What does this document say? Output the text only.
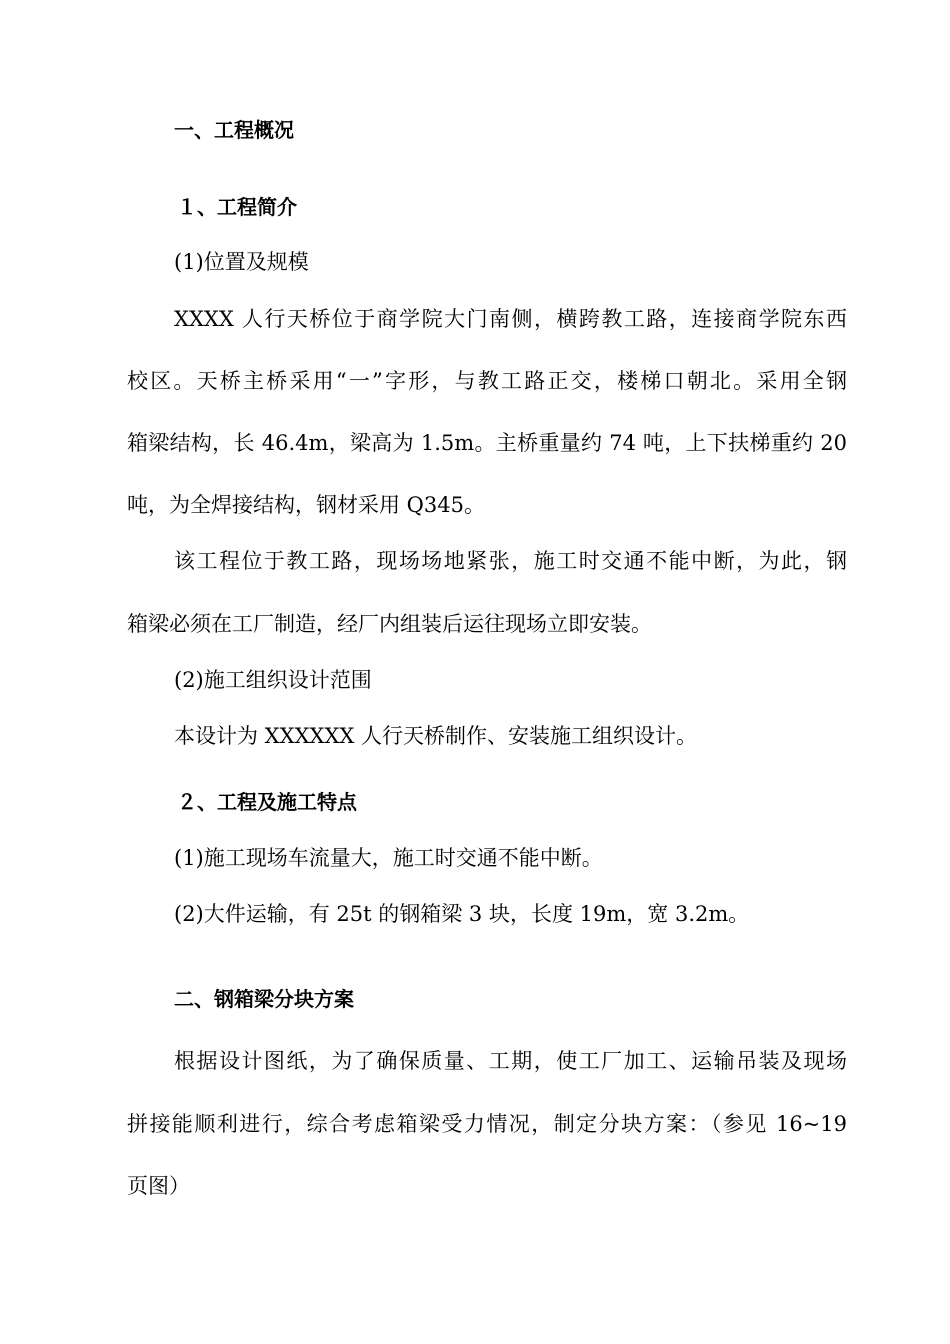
一、工程概况
１、工程简介
(1)位置及规模
XXXX 人行天桥位于商学院大门南侧，横跨教工路，连接商学院东西
校区。天桥主桥采用“一”字形，与教工路正交，楼梯口朝北。采用全钢
箱梁结构，长 46.4m，梁高为 1.5m。主桥重量约 74 吨，上下扶梯重约 20
吨，为全焊接结构，钢材采用 Q345。
该工程位于教工路，现场场地紧张，施工时交通不能中断，为此，钢
箱梁必须在工厂制造，经厂内组装后运往现场立即安装。
(2)施工组织设计范围
本设计为 XXXXXX 人行天桥制作、安装施工组织设计。
２、工程及施工特点
(1)施工现场车流量大，施工时交通不能中断。
(2)大件运输，有 25t 的钢箱梁 3 块，长度 19m，宽 3.2m。
二、钢箱梁分块方案
根据设计图纸，为了确保质量、工期，使工厂加工、运输吊装及现场
拼接能顺利进行，综合考虑箱梁受力情况，制定分块方案：（参见 16~19
页图）
